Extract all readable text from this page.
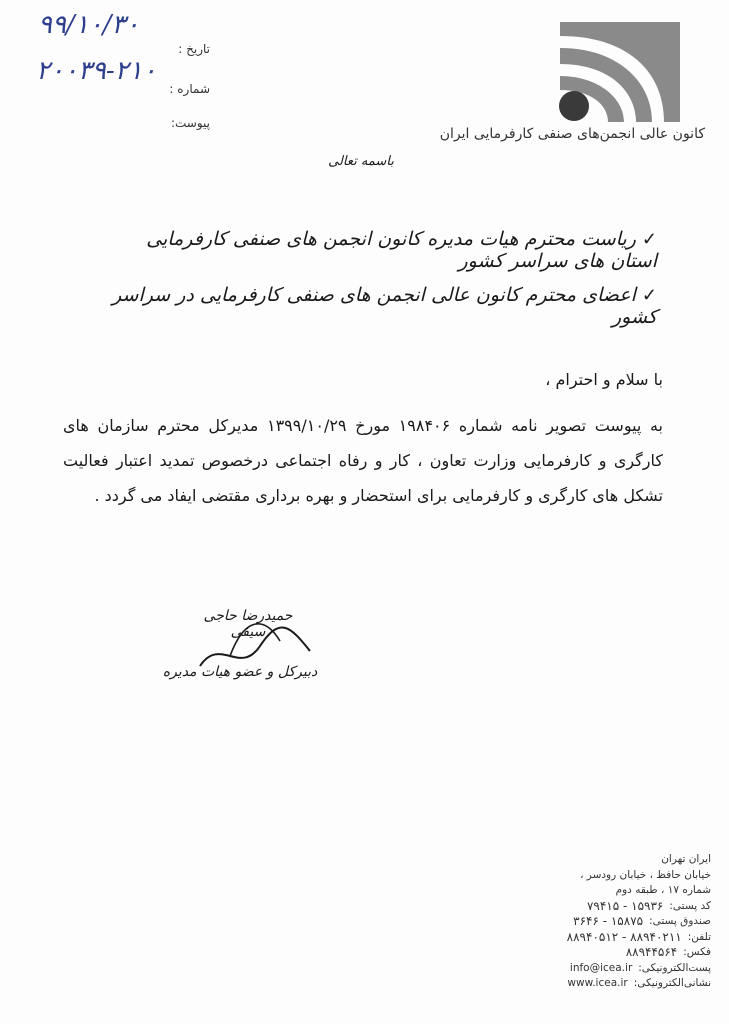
۹۹/۱۰/۳۰
۲۰۰۳۹-۲۱۰
تاریخ :
شماره :
پیوست:
کانون عالی انجمن‌های صنفی کارفرمایی ایران
باسمه تعالی
✓ریاست محترم هیات مدیره کانون انجمن های صنفی کارفرمایی استان های سراسر کشور
✓اعضای محترم کانون عالی انجمن های صنفی کارفرمایی در سراسر کشور
با سلام و احترام ،
به پیوست تصویر نامه شماره ۱۹۸۴۰۶ مورخ ۱۳۹۹/۱۰/۲۹ مدیرکل محترم سازمان های کارگری و کارفرمایی وزارت تعاون ، کار و رفاه اجتماعی درخصوص تمدید اعتبار فعالیت تشکل های کارگری و کارفرمایی برای استحضار و بهره برداری مقتضی ایفاد می گردد .
حمیدرضا حاجی سیفی
دبیرکل و عضو هیات مدیره
ایران تهران
خیابان حافظ ، خیابان رودسر ،
شماره ۱۷ ، طبقه دوم
کد پستی:
۷۹۴۱۵ - ۱۵۹۳۶
صندوق پستی:
۳۶۴۶ - ۱۵۸۷۵
تلفن:
۸۸۹۴۰۵۱۲ - ۸۸۹۴۰۲۱۱
فکس:
۸۸۹۴۴۵۶۴
پست‌الکترونیکی:
info@icea.ir
نشانی‌الکترونیکی:
www.icea.ir
